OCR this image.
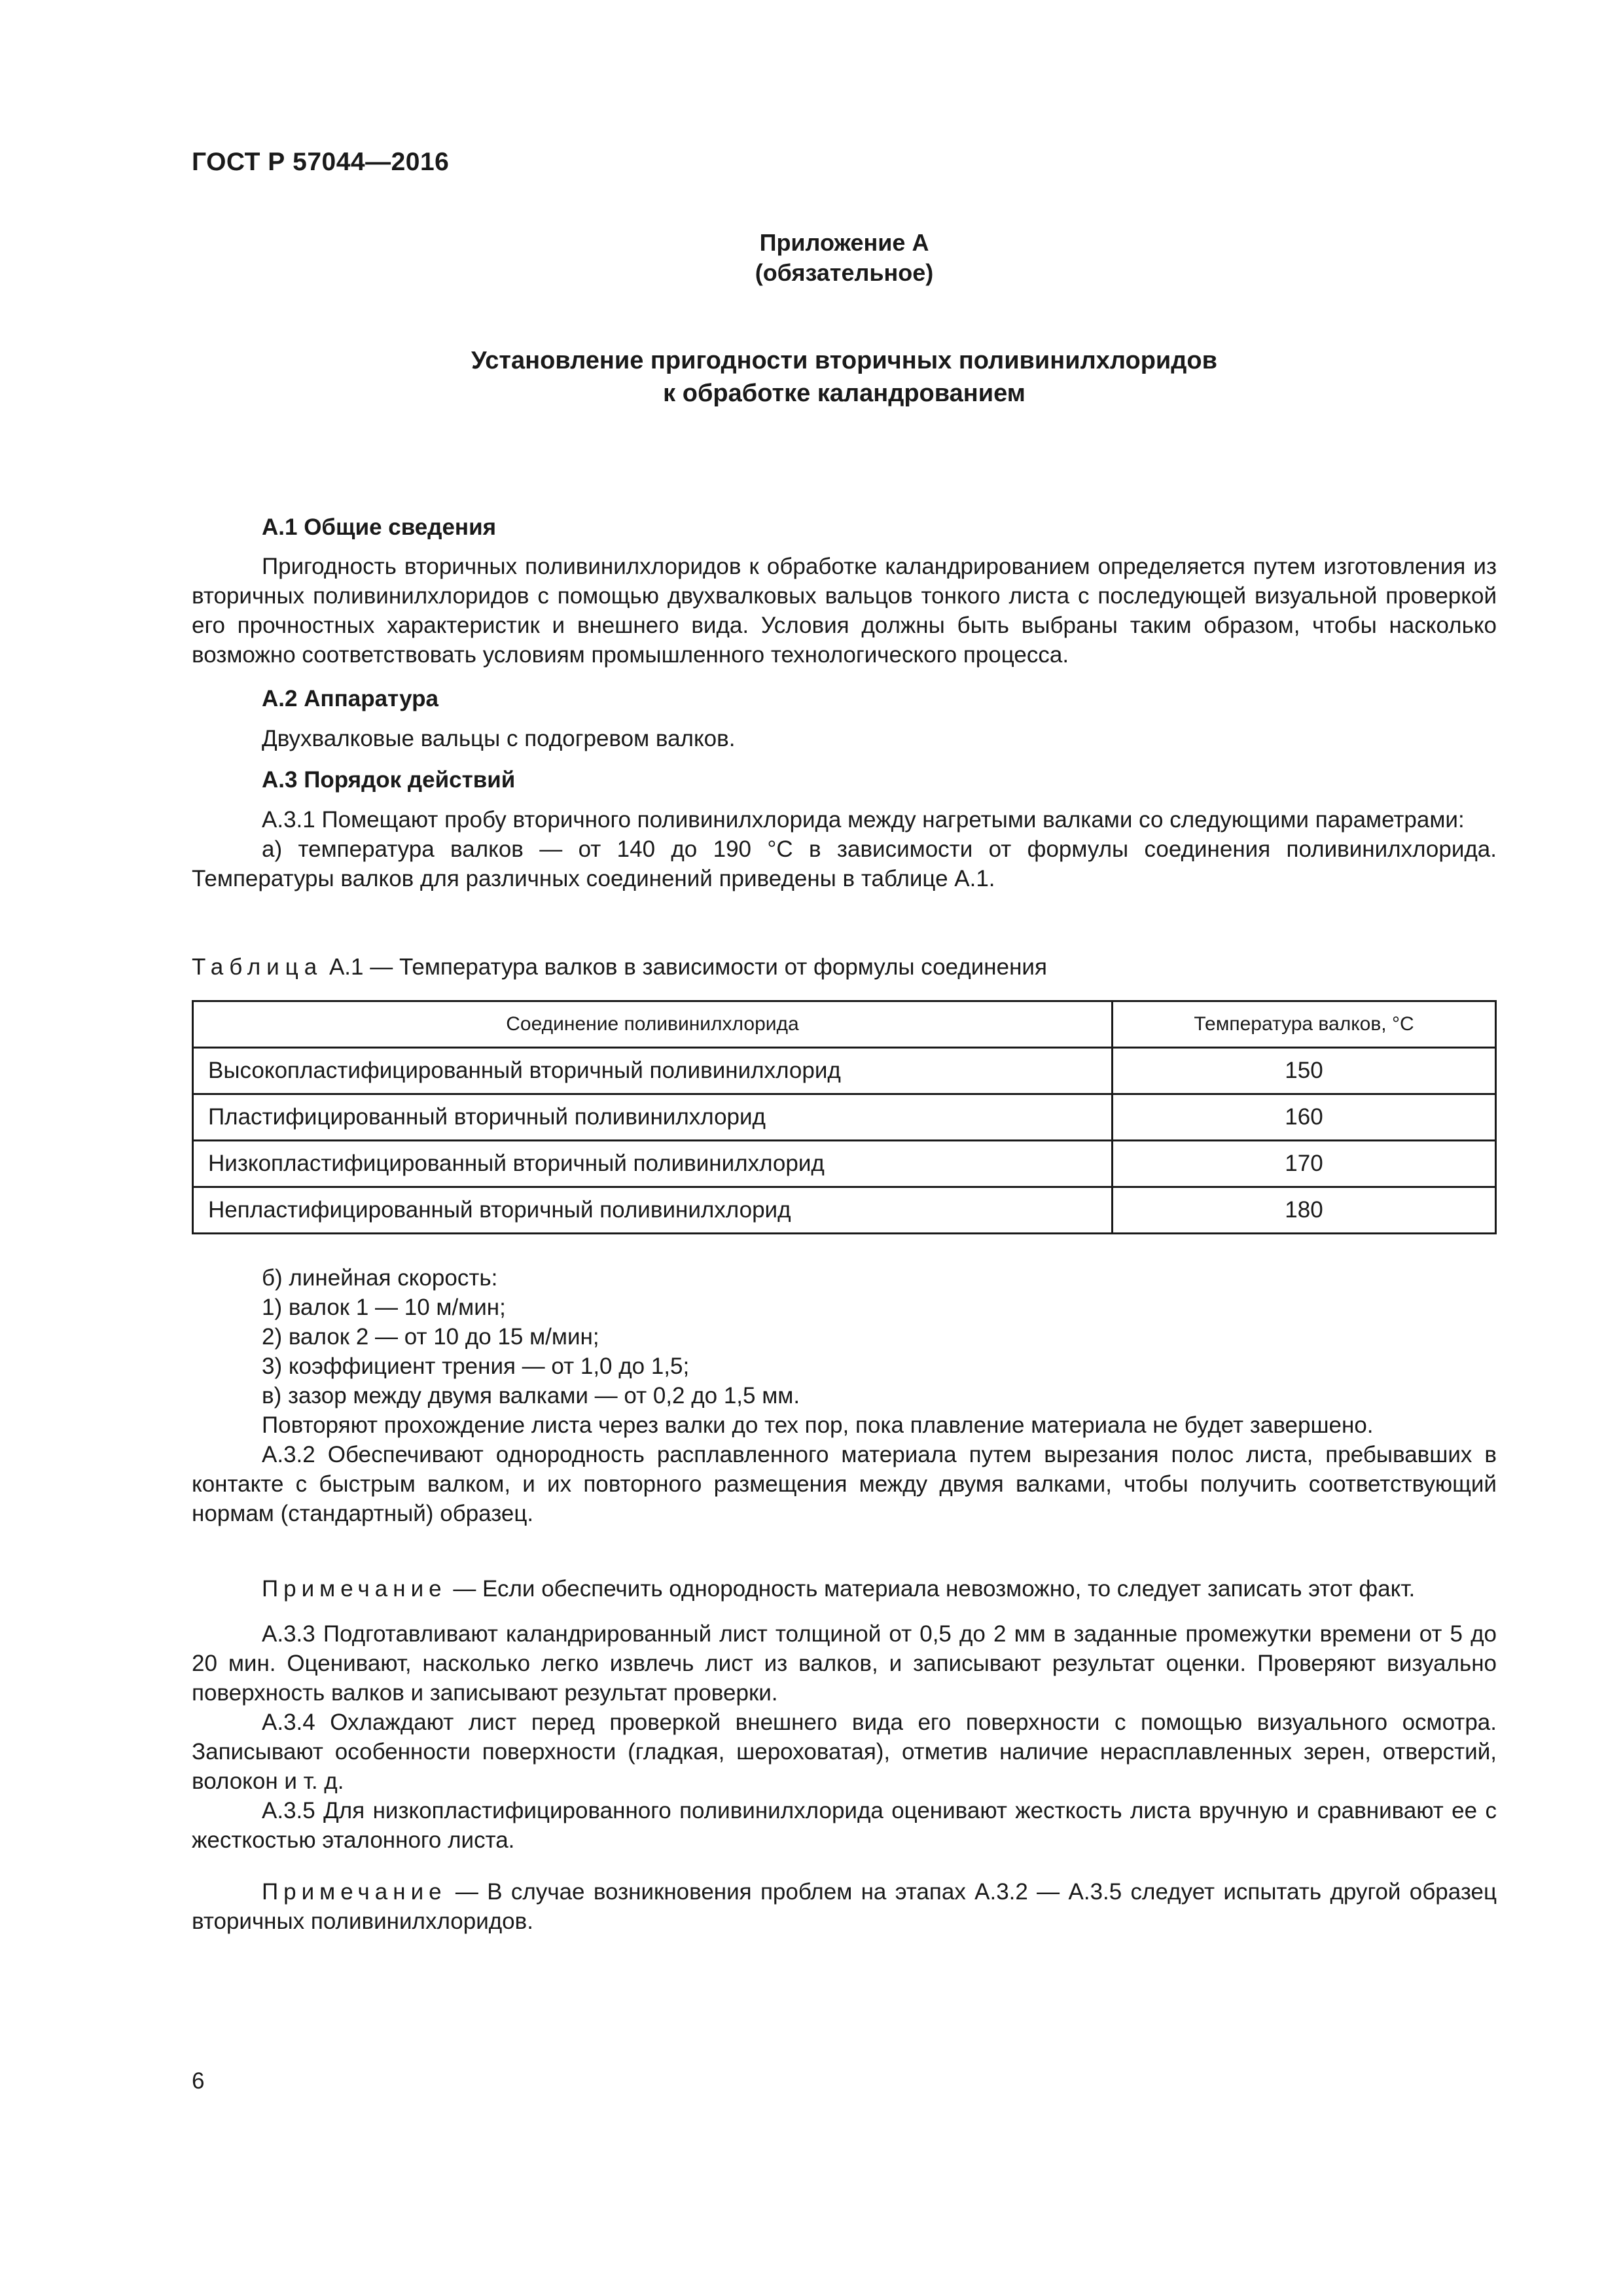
ГОСТ Р 57044—2016
Приложение А
(обязательное)
Установление пригодности вторичных поливинилхлоридов
к обработке каландрованием
А.1 Общие сведения

Пригодность вторичных поливинилхлоридов к обработке каландрированием определяется путем изготовления из вторичных поливинилхлоридов с помощью двухвалковых вальцов тонкого листа с последующей визуальной проверкой его прочностных характеристик и внешнего вида. Условия должны быть выбраны таким образом, чтобы насколько возможно соответствовать условиям промышленного технологического процесса.

А.2 Аппаратура

Двухвалковые вальцы с подогревом валков.

А.3 Порядок действий

А.3.1 Помещают пробу вторичного поливинилхлорида между нагретыми валками со следующими параметрами:

а) температура валков — от 140 до 190 °С в зависимости от формулы соединения поливинилхлорида. Температуры валков для различных соединений приведены в таблице А.1.

Таблица А.1 — Температура валков в зависимости от формулы соединения
Соединение поливинилхлорида	Температура валков, °С
Высокопластифицированный вторичный поливинилхлорид	150
Пластифицированный вторичный поливинилхлорид	160
Низкопластифицированный вторичный поливинилхлорид	170
Непластифицированный вторичный поливинилхлорид	180

б) линейная скорость:

1) валок 1 — 10 м/мин;

2) валок 2 — от 10 до 15 м/мин;

3) коэффициент трения — от 1,0 до 1,5;

в) зазор между двумя валками — от 0,2 до 1,5 мм.

Повторяют прохождение листа через валки до тех пор, пока плавление материала не будет завершено.

А.3.2 Обеспечивают однородность расплавленного материала путем вырезания полос листа, пребывавших в контакте с быстрым валком, и их повторного размещения между двумя валками, чтобы получить соответствующий нормам (стандартный) образец.

Примечание — Если обеспечить однородность материала невозможно, то следует записать этот факт.

А.3.3 Подготавливают каландрированный лист толщиной от 0,5 до 2 мм в заданные промежутки времени от 5 до 20 мин. Оценивают, насколько легко извлечь лист из валков, и записывают результат оценки. Проверяют визуально поверхность валков и записывают результат проверки.

А.3.4 Охлаждают лист перед проверкой внешнего вида его поверхности с помощью визуального осмотра. Записывают особенности поверхности (гладкая, шероховатая), отметив наличие нерасплавленных зерен, отверстий, волокон и т. д.

А.3.5 Для низкопластифицированного поливинилхлорида оценивают жесткость листа вручную и сравнивают ее с жесткостью эталонного листа.

Примечание — В случае возникновения проблем на этапах А.3.2 — А.3.5 следует испытать другой образец вторичных поливинилхлоридов.

6
